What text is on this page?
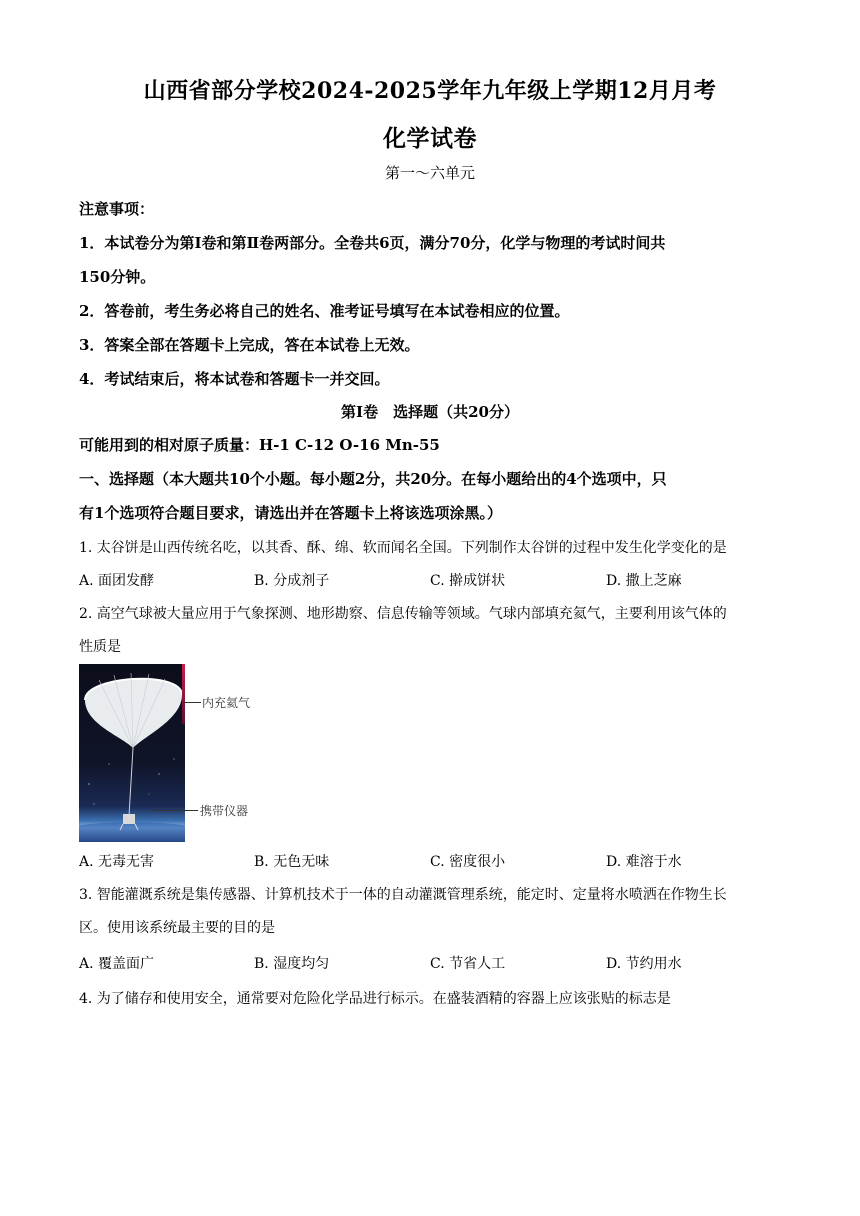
山西省部分学校2024-2025学年九年级上学期12月月考
化学试卷
第一～六单元
注意事项：
1．本试卷分为第Ⅰ卷和第Ⅱ卷两部分。全卷共6页，满分70分，化学与物理的考试时间共
150分钟。
2．答卷前，考生务必将自己的姓名、准考证号填写在本试卷相应的位置。
3．答案全部在答题卡上完成，答在本试卷上无效。
4．考试结束后，将本试卷和答题卡一并交回。
第Ⅰ卷　选择题（共20分）
可能用到的相对原子质量：H-1 C-12 O-16 Mn-55
一、选择题（本大题共10个小题。每小题2分，共20分。在每小题给出的4个选项中，只
有1个选项符合题目要求，请选出并在答题卡上将该选项涂黑。）
1. 太谷饼是山西传统名吃，以其香、酥、绵、软而闻名全国。下列制作太谷饼的过程中发生化学变化的是
A. 面团发酵	B. 分成剂子	C. 擀成饼状	D. 撒上芝麻
2. 高空气球被大量应用于气象探测、地形勘察、信息传输等领域。气球内部填充氦气，主要利用该气体的
性质是
内充氦气
携带仪器
A. 无毒无害	B. 无色无味	C. 密度很小	D. 难溶于水
3. 智能灌溉系统是集传感器、计算机技术于一体的自动灌溉管理系统，能定时、定量将水喷洒在作物生长
区。使用该系统最主要的目的是
A. 覆盖面广	B. 湿度均匀	C. 节省人工	D. 节约用水
4. 为了储存和使用安全，通常要对危险化学品进行标示。在盛装酒精的容器上应该张贴的标志是
